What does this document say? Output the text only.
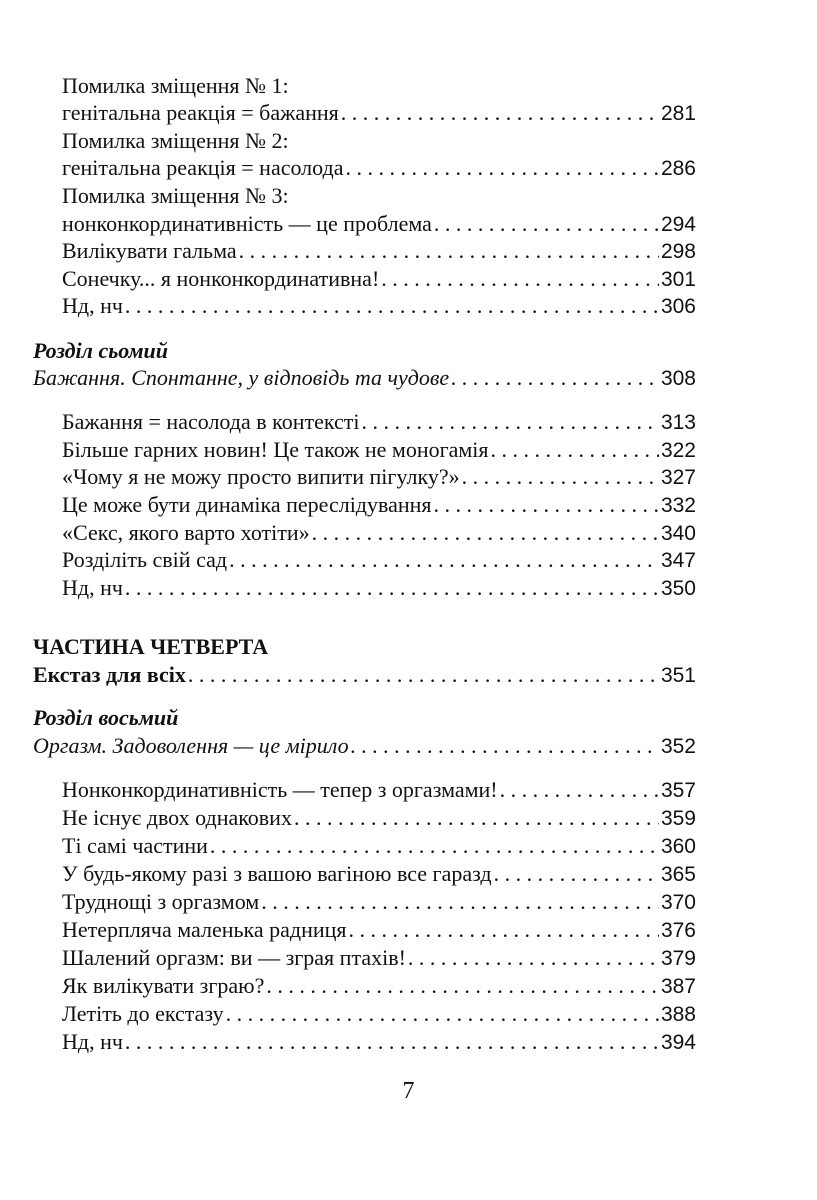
Помилка зміщення № 1:
генітальна реакція = бажання . . .	281
Помилка зміщення № 2:
генітальна реакція = насолода . . .	286
Помилка зміщення № 3:
нонконкординативність — це проблема . . .	294
Вилікувати гальма . . .	298
Сонечку... я нонконкординативна! . . .	301
Нд, нч . . .	306
Розділ сьомий
Бажання. Спонтанне, у відповідь та чудове . . .	308
Бажання = насолода в контексті . . .	313
Більше гарних новин! Це також не моногамія . . .	322
«Чому я не можу просто випити пігулку?» . . .	327
Це може бути динаміка переслідування . . .	332
«Секс, якого варто хотіти» . . .	340
Розділіть свій сад . . .	347
Нд, нч . . .	350
ЧАСТИНА ЧЕТВЕРТА
Екстаз для всіх . . .	351
Розділ восьмий
Оргазм. Задоволення — це мірило . . .	352
Нонконкординативність — тепер з оргазмами! . . .	357
Не існує двох однакових . . .	359
Ті самі частини . . .	360
У будь-якому разі з вашою вагіною все гаразд . . .	365
Труднощі з оргазмом . . .	370
Нетерпляча маленька радниця . . .	376
Шалений оргазм: ви — зграя птахів! . . .	379
Як вилікувати зграю? . . .	387
Летіть до екстазу . . .	388
Нд, нч . . .	394
7
